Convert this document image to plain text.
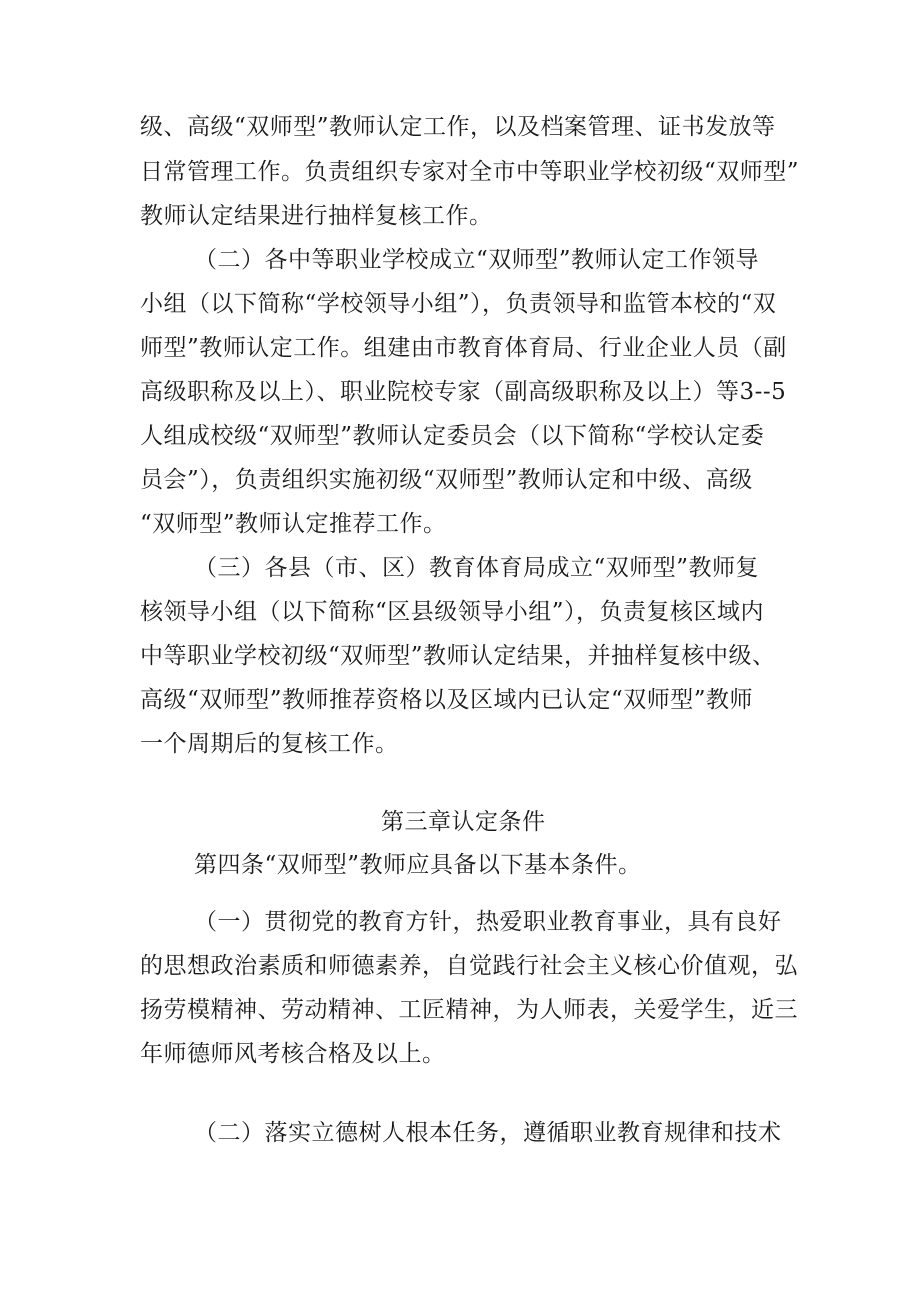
级、高级“双师型”教师认定工作，以及档案管理、证书发放等
日常管理工作。负责组织专家对全市中等职业学校初级“双师型”
教师认定结果进行抽样复核工作。
（二）各中等职业学校成立“双师型”教师认定工作领导
小组（以下简称“学校领导小组”），负责领导和监管本校的“双
师型”教师认定工作。组建由市教育体育局、行业企业人员（副
高级职称及以上）、职业院校专家（副高级职称及以上）等3--5
人组成校级“双师型”教师认定委员会（以下简称“学校认定委
员会”），负责组织实施初级“双师型”教师认定和中级、高级
“双师型”教师认定推荐工作。
（三）各县（市、区）教育体育局成立“双师型”教师复
核领导小组（以下简称“区县级领导小组”），负责复核区域内
中等职业学校初级“双师型”教师认定结果，并抽样复核中级、
高级“双师型”教师推荐资格以及区域内已认定“双师型”教师
一个周期后的复核工作。
第三章认定条件
第四条“双师型”教师应具备以下基本条件。
（一）贯彻党的教育方针，热爱职业教育事业，具有良好
的思想政治素质和师德素养，自觉践行社会主义核心价值观，弘
扬劳模精神、劳动精神、工匠精神，为人师表，关爱学生，近三
年师德师风考核合格及以上。
（二）落实立德树人根本任务，遵循职业教育规律和技术
